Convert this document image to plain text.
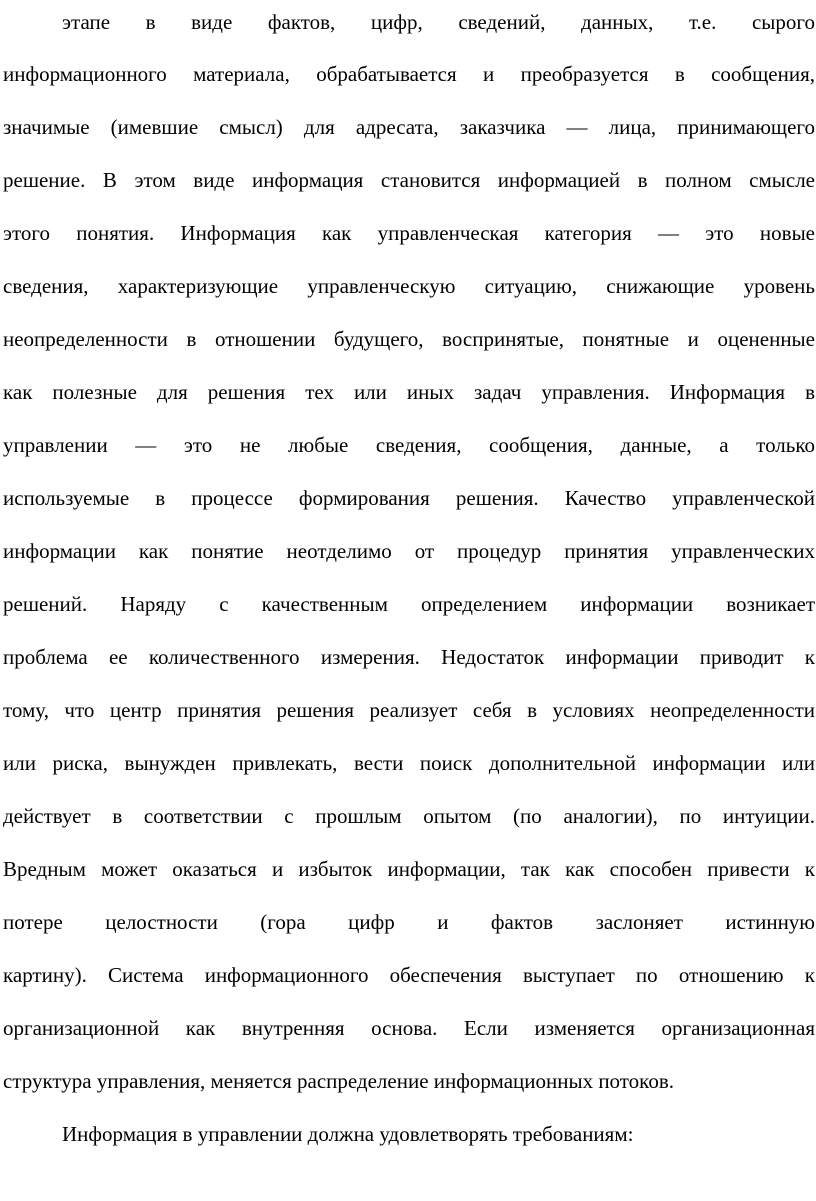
этапе в виде фактов, цифр, сведений, данных, т.е. сырого
информационного материала, обрабатывается и преобразуется в сообщения,
значимые (имевшие смысл) для адресата, заказчика — лица, принимающего
решение. В этом виде информация становится информацией в полном смысле
этого понятия. Информация как управленческая категория — это новые
сведения, характеризующие управленческую ситуацию, снижающие уровень
неопределенности в отношении будущего, воспринятые, понятные и оцененные
как полезные для решения тех или иных задач управления. Информация в
управлении — это не любые сведения, сообщения, данные, а только
используемые в процессе формирования решения. Качество управленческой
информации как понятие неотделимо от процедур принятия управленческих
решений. Наряду с качественным определением информации возникает
проблема ее количественного измерения. Недостаток информации приводит к
тому, что центр принятия решения реализует себя в условиях неопределенности
или риска, вынужден привлекать, вести поиск дополнительной информации или
действует в соответствии с прошлым опытом (по аналогии), по интуиции.
Вредным может оказаться и избыток информации, так как способен привести к
потере целостности (гора цифр и фактов заслоняет истинную
картину). Система информационного обеспечения выступает по отношению к
организационной как внутренняя основа. Если изменяется организационная
структура управления, меняется распределение информационных потоков.
Информация в управлении должна удовлетворять требованиям:
